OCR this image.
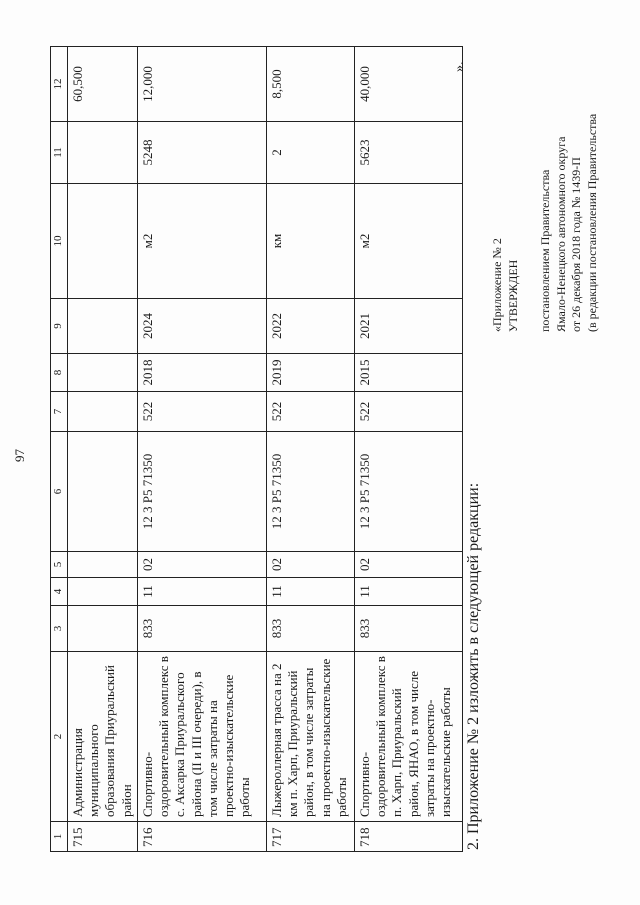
97
1	2	3	4	5	6	7	8	9	10	11	12
715	Администрация муниципального образования Приуральский район										60,500
716	Спортивно-оздоровительный комплекс в с. Аксарка Приуральского района (II и III очереди), в том числе затраты на проектно-изыскательские работы	833	11	02	12 3 Р5 71350	522	2018	2024	м2	5248	12,000
717	Лыжероллерная трасса на 2 км п. Харп, Приуральский район, в том числе затраты на проектно-изыскательские работы	833	11	02	12 3 Р5 71350	522	2019	2022	км	2	8,500
718	Спортивно-оздоровительный комплекс в п. Харп, Приуральский район, ЯНАО, в том числе затраты на проектно-изыскательские работы	833	11	02	12 3 Р5 71350	522	2015	2021	м2	5623	40,000	».
2. Приложение № 2 изложить в следующей редакции:
«Приложение № 2 УТВЕРЖДЕН постановлением Правительства Ямало-Ненецкого автономного округа от 26 декабря 2018 года № 1439-П (в редакции постановления Правительства
